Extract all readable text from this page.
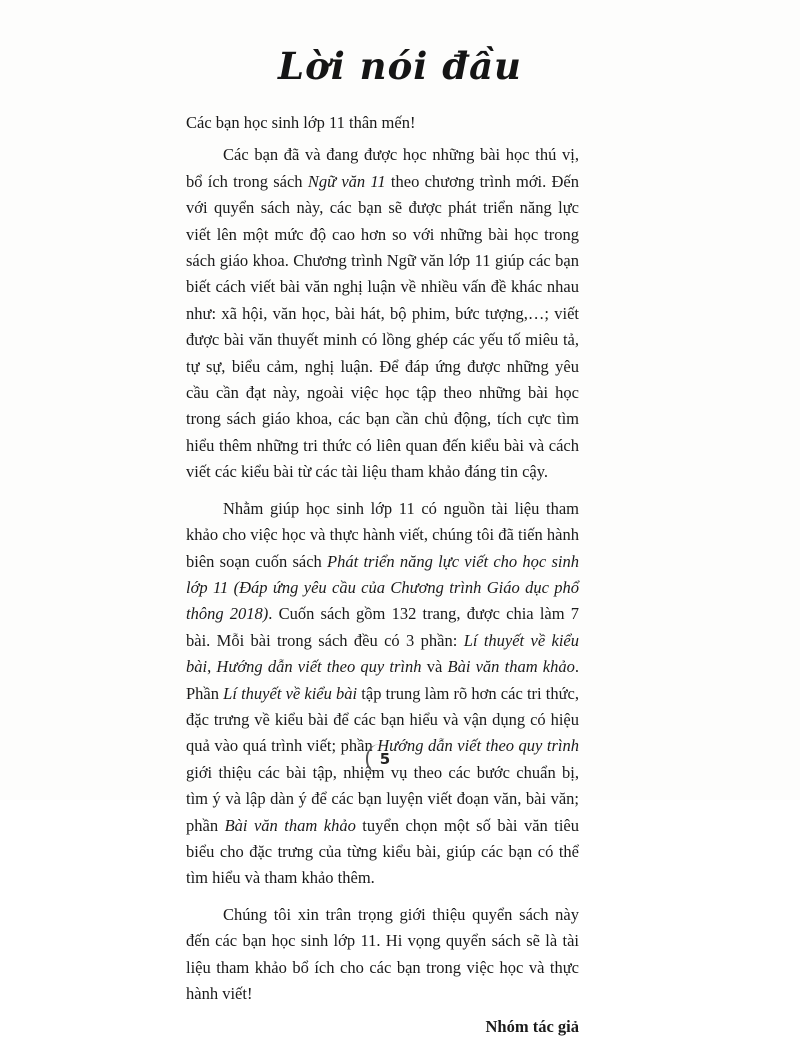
Lời nói đầu

Các bạn học sinh lớp 11 thân mến!

Các bạn đã và đang được học những bài học thú vị, bổ ích trong sách Ngữ văn 11 theo chương trình mới. Đến với quyển sách này, các bạn sẽ được phát triển năng lực viết lên một mức độ cao hơn so với những bài học trong sách giáo khoa. Chương trình Ngữ văn lớp 11 giúp các bạn biết cách viết bài văn nghị luận về nhiều vấn đề khác nhau như: xã hội, văn học, bài hát, bộ phim, bức tượng,…; viết được bài văn thuyết minh có lồng ghép các yếu tố miêu tả, tự sự, biểu cảm, nghị luận. Để đáp ứng được những yêu cầu cần đạt này, ngoài việc học tập theo những bài học trong sách giáo khoa, các bạn cần chủ động, tích cực tìm hiểu thêm những tri thức có liên quan đến kiểu bài và cách viết các kiểu bài từ các tài liệu tham khảo đáng tin cậy.

Nhằm giúp học sinh lớp 11 có nguồn tài liệu tham khảo cho việc học và thực hành viết, chúng tôi đã tiến hành biên soạn cuốn sách Phát triển năng lực viết cho học sinh lớp 11 (Đáp ứng yêu cầu của Chương trình Giáo dục phổ thông 2018). Cuốn sách gồm 132 trang, được chia làm 7 bài. Mỗi bài trong sách đều có 3 phần: Lí thuyết về kiểu bài, Hướng dẫn viết theo quy trình và Bài văn tham khảo. Phần Lí thuyết về kiểu bài tập trung làm rõ hơn các tri thức, đặc trưng về kiểu bài để các bạn hiểu và vận dụng có hiệu quả vào quá trình viết; phần Hướng dẫn viết theo quy trình giới thiệu các bài tập, nhiệm vụ theo các bước chuẩn bị, tìm ý và lập dàn ý để các bạn luyện viết đoạn văn, bài văn; phần Bài văn tham khảo tuyển chọn một số bài văn tiêu biểu cho đặc trưng của từng kiểu bài, giúp các bạn có thể tìm hiểu và tham khảo thêm.

Chúng tôi xin trân trọng giới thiệu quyển sách này đến các bạn học sinh lớp 11. Hi vọng quyển sách sẽ là tài liệu tham khảo bổ ích cho các bạn trong việc học và thực hành viết!

Nhóm tác giả

5
